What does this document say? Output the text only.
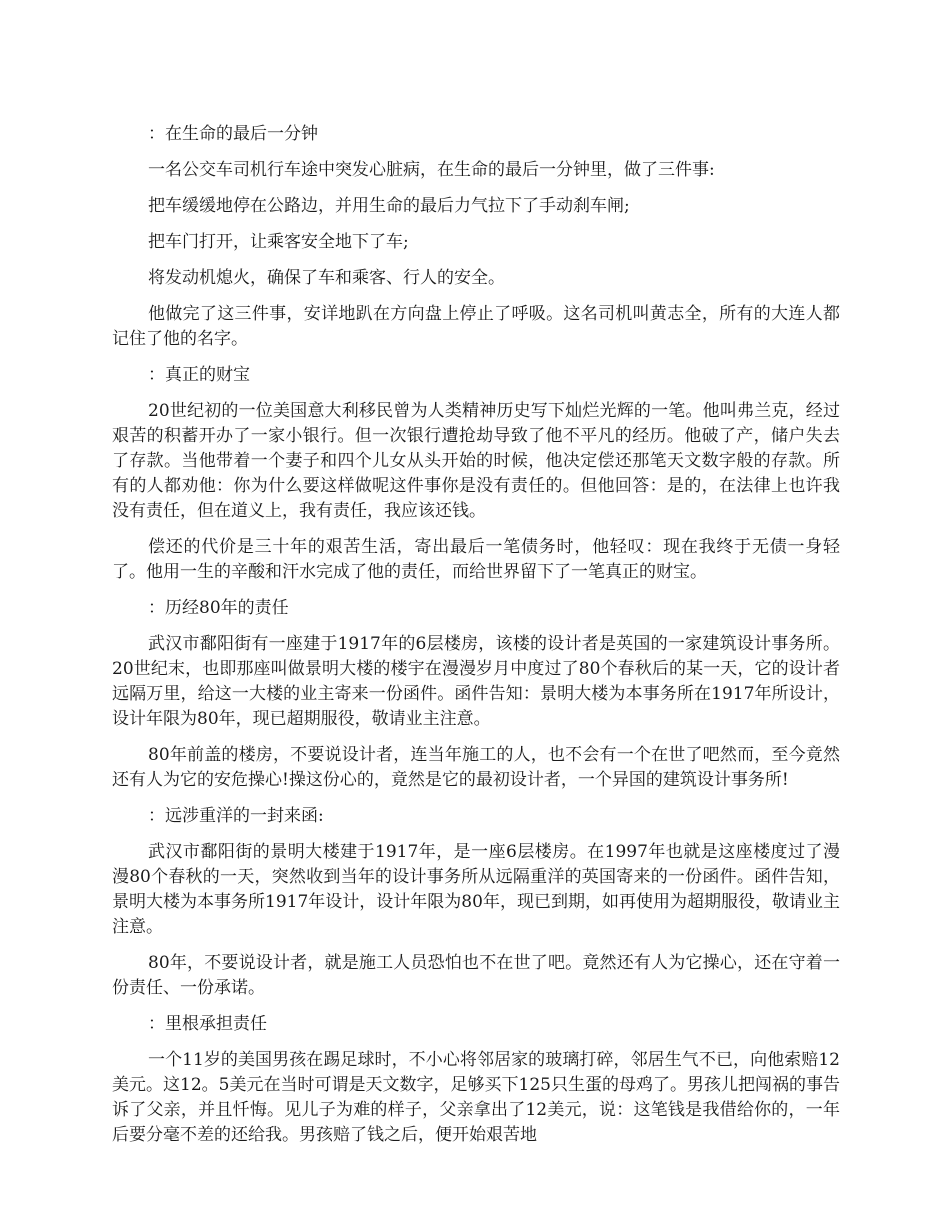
：在生命的最后一分钟

一名公交车司机行车途中突发心脏病，在生命的最后一分钟里，做了三件事:

把车缓缓地停在公路边，并用生命的最后力气拉下了手动刹车闸;

把车门打开，让乘客安全地下了车;

将发动机熄火，确保了车和乘客、行人的安全。

他做完了这三件事，安详地趴在方向盘上停止了呼吸。这名司机叫黄志全，所有的大连人都记住了他的名字。

：真正的财宝

20世纪初的一位美国意大利移民曾为人类精神历史写下灿烂光辉的一笔。他叫弗兰克，经过艰苦的积蓄开办了一家小银行。但一次银行遭抢劫导致了他不平凡的经历。他破了产，储户失去了存款。当他带着一个妻子和四个儿女从头开始的时候，他决定偿还那笔天文数字般的存款。所有的人都劝他：你为什么要这样做呢这件事你是没有责任的。但他回答：是的，在法律上也许我没有责任，但在道义上，我有责任，我应该还钱。

偿还的代价是三十年的艰苦生活，寄出最后一笔债务时，他轻叹：现在我终于无债一身轻了。他用一生的辛酸和汗水完成了他的责任，而给世界留下了一笔真正的财宝。

：历经80年的责任

武汉市鄱阳街有一座建于1917年的6层楼房，该楼的设计者是英国的一家建筑设计事务所。20世纪末，也即那座叫做景明大楼的楼宇在漫漫岁月中度过了80个春秋后的某一天，它的设计者远隔万里，给这一大楼的业主寄来一份函件。函件告知：景明大楼为本事务所在1917年所设计，设计年限为80年，现已超期服役，敬请业主注意。

80年前盖的楼房，不要说设计者，连当年施工的人，也不会有一个在世了吧然而，至今竟然还有人为它的安危操心!操这份心的，竟然是它的最初设计者，一个异国的建筑设计事务所!

：远涉重洋的一封来函:

武汉市鄱阳街的景明大楼建于1917年，是一座6层楼房。在1997年也就是这座楼度过了漫漫80个春秋的一天，突然收到当年的设计事务所从远隔重洋的英国寄来的一份函件。函件告知，景明大楼为本事务所1917年设计，设计年限为80年，现已到期，如再使用为超期服役，敬请业主注意。

80年，不要说设计者，就是施工人员恐怕也不在世了吧。竟然还有人为它操心，还在守着一份责任、一份承诺。

：里根承担责任

一个11岁的美国男孩在踢足球时，不小心将邻居家的玻璃打碎，邻居生气不已，向他索赔12美元。这12。5美元在当时可谓是天文数字，足够买下125只生蛋的母鸡了。男孩儿把闯祸的事告诉了父亲，并且忏悔。见儿子为难的样子，父亲拿出了12美元，说：这笔钱是我借给你的，一年后要分毫不差的还给我。男孩赔了钱之后，便开始艰苦地
